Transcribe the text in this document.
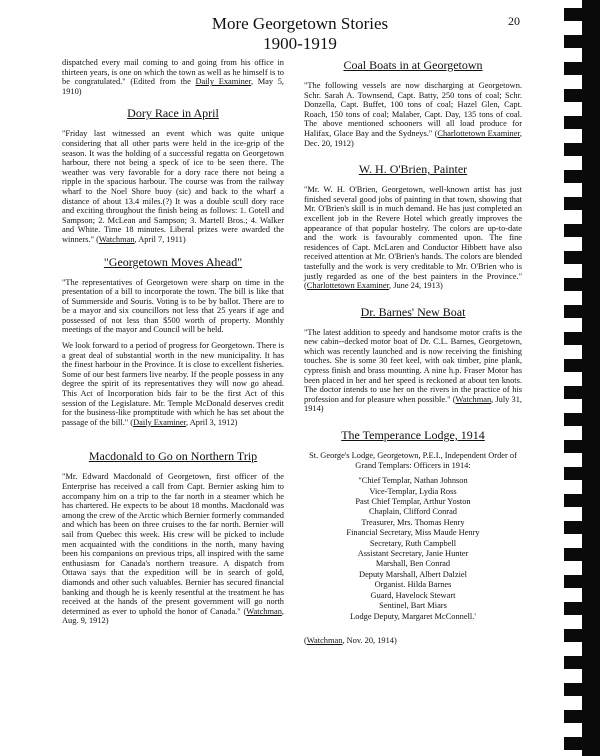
More Georgetown Stories
1900-1919
20

dispatched every mail coming to and going from his office in thirteen years, is one on which the town as well as he himself is to be congratulated." (Edited from the Daily Examiner, May 5, 1910)

Dory Race in April

"Friday last witnessed an event which was quite unique considering that all other parts were held in the ice-grip of the season. It was the holding of a successful regatta on Georgetown harbour, there not being a speck of ice to be seen there. The weather was very favorable for a dory race there not being a ripple in the spacious harbour. The course was from the railway wharf to the Noel Shore buoy (sic) and back to the wharf a distance of about 13.4 miles.(?) It was a double scull dory race and exciting throughout the finish being as follows: 1. Gotell and Sampson; 2. McLean and Sampson; 3. Martell Bros.; 4. Walker and White. Time 18 minutes. Liberal prizes were awarded the winners." (Watchman, April 7, 1911)

"Georgetown Moves Ahead"

"The representatives of Georgetown were sharp on time in the presentation of a bill to incorporate the town. The bill is like that of Summerside and Souris. Voting is to be by ballot. There are to be a mayor and six councillors not less that 25 years if age and possessed of not less than $500 worth of property. Monthly meetings of the mayor and Council will be held.

We look forward to a period of progress for Georgetown. There is a great deal of substantial worth in the new municipality. It has the finest harbour in the Province. It is close to excellent fisheries. Some of our best farmers live nearby. If the people possess in any degree the spirit of its representatives they will now go ahead. This Act of Incorporation bids fair to be the first Act of this session of the Legislature. Mr. Temple McDonald deserves credit for the business-like promptitude with which he has set about the passage of the bill." (Daily Examiner, April 3, 1912)

Macdonald to Go on Northern Trip

"Mr. Edward Macdonald of Georgetown, first officer of the Enterprise has received a call from Capt. Bernier asking him to accompany him on a trip to the far north in a steamer which he has chartered. He expects to be about 18 months. Macdonald was among the crew of the Arctic which Bernier formerly commanded and which has been on three cruises to the far north. Bernier will sail from Quebec this week. His crew will be picked to include men acquainted with the conditions in the north, many having been his companions on previous trips, all inspired with the same enthusiasm for Canada's northern treasure. A dispatch from Ottawa says that the expedition will be in search of gold, diamonds and other such valuables. Bernier has secured financial banking and though he is keenly resentful at the treatment he has received at the hands of the present government will go north determined as ever to uphold the honor of Canada." (Watchman, Aug. 9, 1912)

Coal Boats in at Georgetown

"The following vessels are now discharging at Georgetown. Schr. Sarah A. Townsend, Capt. Batty, 250 tons of coal; Schr. Donzella, Capt. Buffet, 100 tons of coal; Hazel Glen, Capt. Roach, 150 tons of coal; Malaber, Capt. Day, 135 tons of coal. The above mentioned schooners will all load produce for Halifax, Glace Bay and the Sydneys." (Charlottetown Examiner, Dec. 20, 1912)

W. H. O'Brien, Painter

"Mr. W. H. O'Brien, Georgetown, well-known artist has just finished several good jobs of painting in that town, showing that Mr. O'Brien's skill is in much demand. He has just completed an excellent job in the Revere Hotel which greatly improves the appearance of that popular hostelry. The colors are up-to-date and the work is favourably commented upon. The fine residences of Capt. McLaren and Conductor Hibbett have also received attention at Mr. O'Brien's hands. The colors are blended tastefully and the work is very creditable to Mr. O'Brien who is justly regarded as one of the best painters in the Province."(Charlottetown Examiner, June 24, 1913)

Dr. Barnes' New Boat

"The latest addition to speedy and handsome motor crafts is the new cabin--decked motor boat of Dr. C.L. Barnes, Georgetown, which was recently launched and is now receiving the finishing touches. She is some 30 feet keel, with oak timber, pine plank, cypress finish and brass mounting. A nine h.p. Fraser Motor has been placed in her and her speed is reckoned at about ten knots. The doctor intends to use her on the rivers in the practice of his profession and for pleasure when possible." (Watchman, July 31, 1914)

The Temperance Lodge, 1914

St. George's Lodge, Georgetown, P.E.I., Independent Order of Grand Templars: Officers in 1914:

"Chief Templar, Nathan Johnson
Vice-Templar, Lydia Ross
Past Chief Templar, Arthur Yoston
Chaplain, Clifford Conrad
Treasurer, Mrs. Thomas Henry
Financial Secretary, Miss Maude Henry
Secretary, Ruth Campbell
Assistant Secretary, Janie Hunter
Marshall, Ben Conrad
Deputy Marshall, Albert Dalziel
Organist. Hilda Barnes
Guard, Havelock Stewart
Sentinel, Bart Miars
Lodge Deputy, Margaret McConnell.'

(Watchman, Nov. 20, 1914)
